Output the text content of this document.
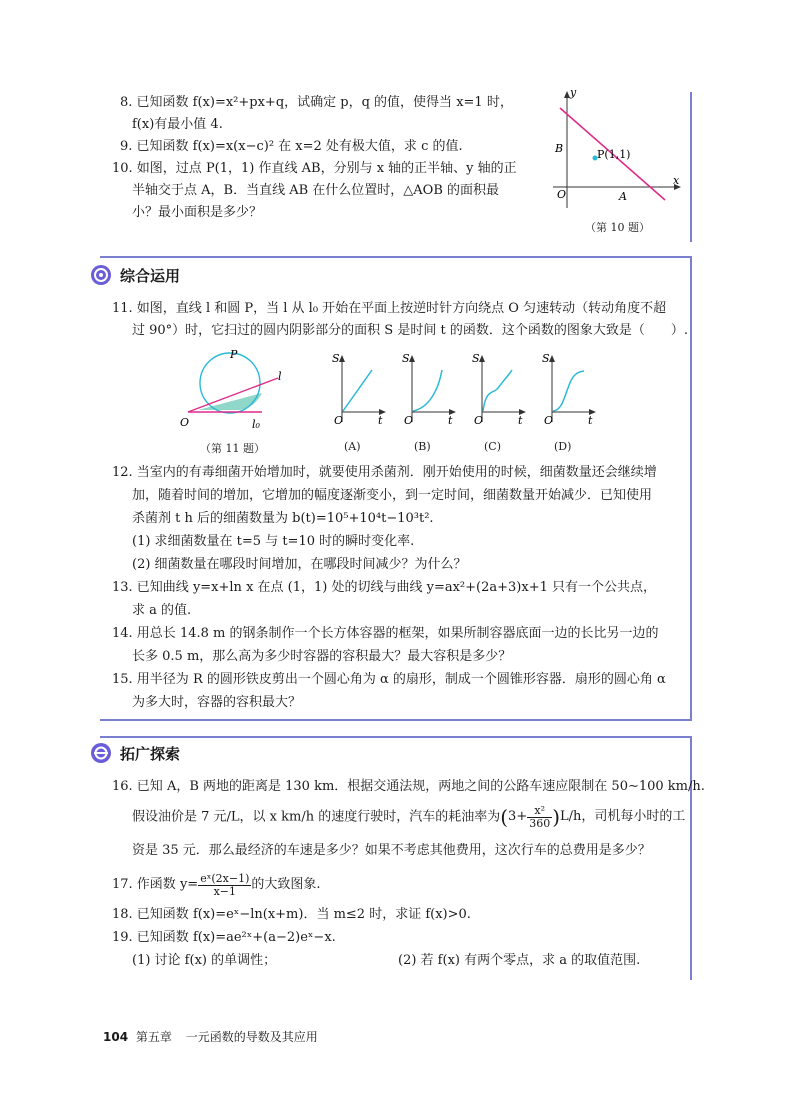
8. 已知函数 f(x)=x²+px+q，试确定 p，q 的值，使得当 x=1 时，
f(x)有最小值 4.
9. 已知函数 f(x)=x(x−c)² 在 x=2 处有极大值，求 c 的值.
10. 如图，过点 P(1，1) 作直线 AB，分别与 x 轴的正半轴、y 轴的正
半轴交于点 A，B．当直线 AB 在什么位置时，△AOB 的面积最
小？最小面积是多少？
y
x
O	A
B	P(1,1)
（第 10 题）
综合运用
11. 如图，直线 l 和圆 P，当 l 从 l₀ 开始在平面上按逆时针方向绕点 O 匀速转动（转动角度不超
过 90°）时，它扫过的圆内阴影部分的面积 S 是时间 t 的函数．这个函数的图象大致是（　　）.
P
l
O	l₀
（第 11 题）
S
O	t
S
O	t
S
O	t
S
O	t
(A)	(B)	(C)	(D)
12. 当室内的有毒细菌开始增加时，就要使用杀菌剂．刚开始使用的时候，细菌数量还会继续增
加，随着时间的增加，它增加的幅度逐渐变小，到一定时间，细菌数量开始减少．已知使用
杀菌剂 t h 后的细菌数量为 b(t)=10⁵+10⁴t−10³t².
(1) 求细菌数量在 t=5 与 t=10 时的瞬时变化率.
(2) 细菌数量在哪段时间增加，在哪段时间减少？为什么？
13. 已知曲线 y=x+ln x 在点 (1，1) 处的切线与曲线 y=ax²+(2a+3)x+1 只有一个公共点，
求 a 的值.
14. 用总长 14.8 m 的钢条制作一个长方体容器的框架，如果所制容器底面一边的长比另一边的
长多 0.5 m，那么高为多少时容器的容积最大？最大容积是多少？
15. 用半径为 R 的圆形铁皮剪出一个圆心角为 α 的扇形，制成一个圆锥形容器．扇形的圆心角 α
为多大时，容器的容积最大？
拓广探索
16. 已知 A，B 两地的距离是 130 km．根据交通法规，两地之间的公路车速应限制在 50∼100 km/h.
假设油价是 7 元/L，以 x km/h 的速度行驶时，汽车的耗油率为$(3+ \frac{\text{x²}}{360} )L/h$，司机每小时的工
资是 35 元．那么最经济的车速是多少？如果不考虑其他费用，这次行车的总费用是多少？
17. 作函数 $y= \frac{\text{eˣ(2x−1)}}{x-1}$ 的大致图象.
18. 已知函数 f(x)=eˣ−ln(x+m)．当 m≤2 时，求证 f(x)>0.
19. 已知函数 f(x)=ae²ˣ+(a−2)eˣ−x.
(1) 讨论 f(x) 的单调性；	(2) 若 f(x) 有两个零点，求 a 的取值范围.
104 第五章 一元函数的导数及其应用
